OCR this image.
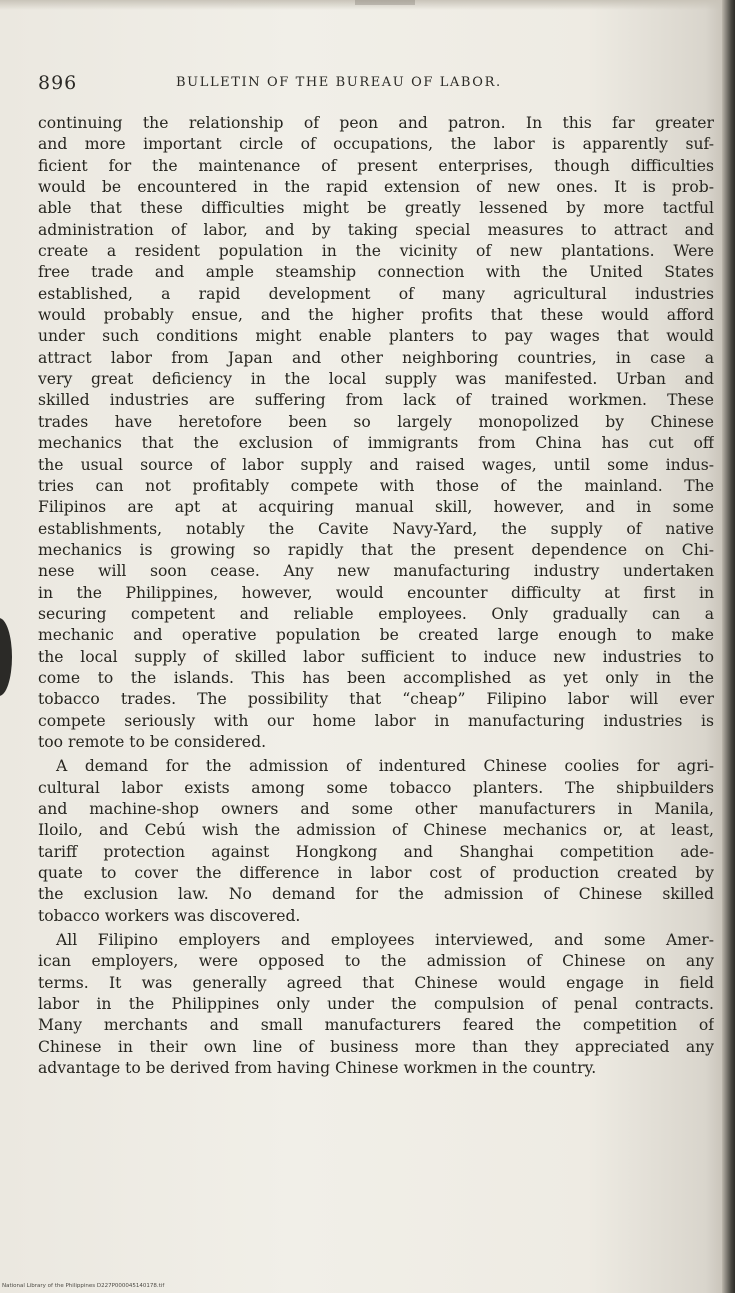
896	BULLETIN OF THE BUREAU OF LABOR.
continuing the relationship of peon and patron. In this far greater
and more important circle of occupations, the labor is apparently suf-
ficient for the maintenance of present enterprises, though difficulties
would be encountered in the rapid extension of new ones. It is prob-
able that these difficulties might be greatly lessened by more tactful
administration of labor, and by taking special measures to attract and
create a resident population in the vicinity of new plantations. Were
free trade and ample steamship connection with the United States
established, a rapid development of many agricultural industries
would probably ensue, and the higher profits that these would afford
under such conditions might enable planters to pay wages that would
attract labor from Japan and other neighboring countries, in case a
very great deficiency in the local supply was manifested. Urban and
skilled industries are suffering from lack of trained workmen. These
trades have heretofore been so largely monopolized by Chinese
mechanics that the exclusion of immigrants from China has cut off
the usual source of labor supply and raised wages, until some indus-
tries can not profitably compete with those of the mainland. The
Filipinos are apt at acquiring manual skill, however, and in some
establishments, notably the Cavite Navy-Yard, the supply of native
mechanics is growing so rapidly that the present dependence on Chi-
nese will soon cease. Any new manufacturing industry undertaken
in the Philippines, however, would encounter difficulty at first in
securing competent and reliable employees. Only gradually can a
mechanic and operative population be created large enough to make
the local supply of skilled labor sufficient to induce new industries to
come to the islands. This has been accomplished as yet only in the
tobacco trades. The possibility that “cheap” Filipino labor will ever
compete seriously with our home labor in manufacturing industries is
too remote to be considered.
A demand for the admission of indentured Chinese coolies for agri-
cultural labor exists among some tobacco planters. The shipbuilders
and machine-shop owners and some other manufacturers in Manila,
Iloilo, and Cebú wish the admission of Chinese mechanics or, at least,
tariff protection against Hongkong and Shanghai competition ade-
quate to cover the difference in labor cost of production created by
the exclusion law. No demand for the admission of Chinese skilled
tobacco workers was discovered.
All Filipino employers and employees interviewed, and some Amer-
ican employers, were opposed to the admission of Chinese on any
terms. It was generally agreed that Chinese would engage in field
labor in the Philippines only under the compulsion of penal contracts.
Many merchants and small manufacturers feared the competition of
Chinese in their own line of business more than they appreciated any
advantage to be derived from having Chinese workmen in the country.
National Library of the Philippines D227P000045140178.tif
